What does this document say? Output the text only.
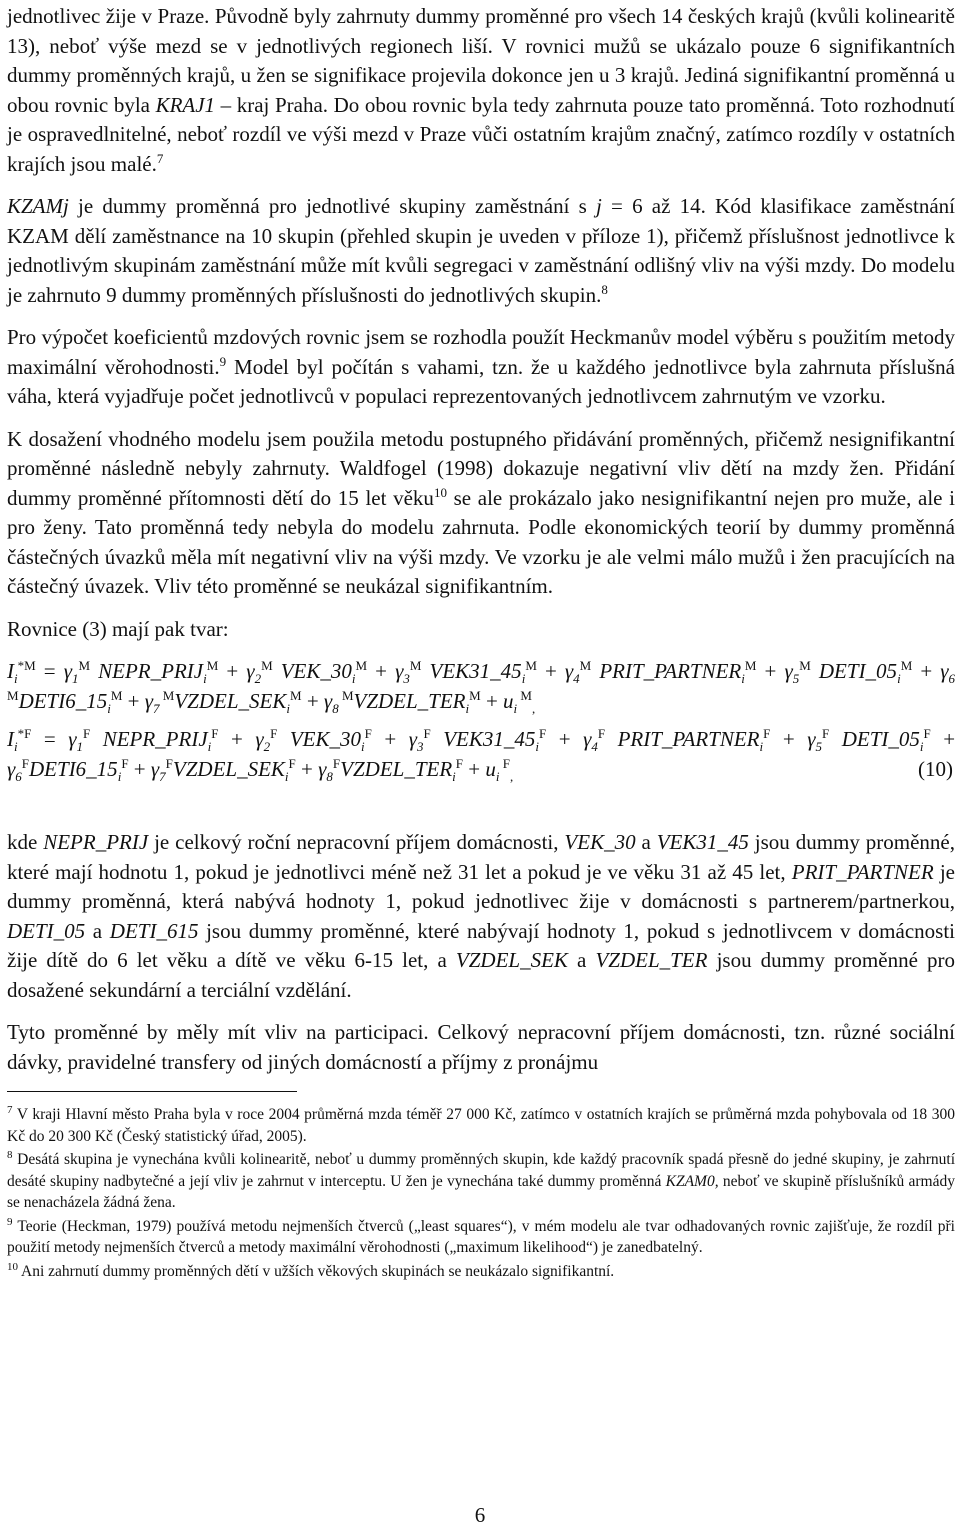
jednotlivec žije v Praze. Původně byly zahrnuty dummy proměnné pro všech 14 českých krajů (kvůli kolinearitě 13), neboť výše mezd se v jednotlivých regionech liší. V rovnici mužů se ukázalo pouze 6 signifikantních dummy proměnných krajů, u žen se signifikace projevila dokonce jen u 3 krajů. Jediná signifikantní proměnná u obou rovnic byla KRAJ1 – kraj Praha. Do obou rovnic byla tedy zahrnuta pouze tato proměnná. Toto rozhodnutí je ospravedlnitelné, neboť rozdíl ve výši mezd v Praze vůči ostatním krajům značný, zatímco rozdíly v ostatních krajích jsou malé.$^7$

KZAMj je dummy proměnná pro jednotlivé skupiny zaměstnání s j = 6 až 14. Kód klasifikace zaměstnání KZAM dělí zaměstnance na 10 skupin (přehled skupin je uveden v příloze 1), přičemž příslušnost jednotlivce k jednotlivým skupinám zaměstnání může mít kvůli segregaci v zaměstnání odlišný vliv na výši mzdy. Do modelu je zahrnuto 9 dummy proměnných příslušnosti do jednotlivých skupin.$^8$

Pro výpočet koeficientů mzdových rovnic jsem se rozhodla použít Heckmanův model výběru s použitím metody maximální věrohodnosti.$^9$ Model byl počítán s vahami, tzn. že u každého jednotlivce byla zahrnuta příslušná váha, která vyjadřuje počet jednotlivců v populaci reprezentovaných jednotlivcem zahrnutým ve vzorku.

K dosažení vhodného modelu jsem použila metodu postupného přidávání proměnných, přičemž nesignifikantní proměnné následně nebyly zahrnuty. Waldfogel (1998) dokazuje negativní vliv dětí na mzdy žen. Přidání dummy proměnné přítomnosti dětí do 15 let věku$^{10}$ se ale prokázalo jako nesignifikantní nejen pro muže, ale i pro ženy. Tato proměnná tedy nebyla do modelu zahrnuta. Podle ekonomických teorií by dummy proměnná částečných úvazků měla mít negativní vliv na výši mzdy. Ve vzorku je ale velmi málo mužů i žen pracujících na částečný úvazek. Vliv této proměnné se neukázal signifikantním.

Rovnice (3) mají pak tvar:

$I_i^{*M} = \gamma_1^M$ $NEPR\_PRIJ_i^M + \gamma_2^M$ $VEK\_30_i^M + \gamma_3^M$ $VEK31\_45_i^M + \gamma_4^M$ $PRIT\_PARTNER_i^M + \gamma_5^M$ $DETI\_05_i^M + \gamma_6$ $^MDETI6\_15_i^M + \gamma_7$ $^MVZDEL\_SEK_i^M + \gamma_8$ $^MVZDEL\_TER_i^M + u_i$ $^M_,$
$I_i^{*F} = \gamma_1^F$ $NEPR\_PRIJ_i^F + \gamma_2^F$ $VEK\_30_i^F + \gamma_3^F$ $VEK31\_45_i^F + \gamma_4^F$ $PRIT\_PARTNER_i^F + \gamma_5^F$ $DETI\_05_i^F$ + $\gamma_6^FDETI6\_15_i^F$ + $\gamma_7^FVZDEL\_SEK_i^F$ + $\gamma_8^FVZDEL\_TER_i^F + u_i$ $^F_,$	(10)

kde NEPR_PRIJ je celkový roční nepracovní příjem domácnosti, VEK_30 a VEK31_45 jsou dummy proměnné, které mají hodnotu 1, pokud je jednotlivci méně než 31 let a pokud je ve věku 31 až 45 let, PRIT_PARTNER je dummy proměnná, která nabývá hodnoty 1, pokud jednotlivec žije v domácnosti s partnerem/partnerkou, DETI_05 a DETI_615 jsou dummy proměnné, které nabývají hodnoty 1, pokud s jednotlivcem v domácnosti žije dítě do 6 let věku a dítě ve věku 6-15 let, a VZDEL_SEK a VZDEL_TER jsou dummy proměnné pro dosažené sekundární a terciální vzdělání.

Tyto proměnné by měly mít vliv na participaci. Celkový nepracovní příjem domácnosti, tzn. různé sociální dávky, pravidelné transfery od jiných domácností a příjmy z pronájmu

$^7$ V kraji Hlavní město Praha byla v roce 2004 průměrná mzda téměř 27 000 Kč, zatímco v ostatních krajích se průměrná mzda pohybovala od 18 300 Kč do 20 300 Kč (Český statistický úřad, 2005).

$^8$ Desátá skupina je vynechána kvůli kolinearitě, neboť u dummy proměnných skupin, kde každý pracovník spadá přesně do jedné skupiny, je zahrnutí desáté skupiny nadbytečné a její vliv je zahrnut v interceptu. U žen je vynechána také dummy proměnná KZAM0, neboť ve skupině příslušníků armády se nenacházela žádná žena.

$^9$ Teorie (Heckman, 1979) používá metodu nejmenších čtverců („least squares“), v mém modelu ale tvar odhadovaných rovnic zajišťuje, že rozdíl při použití metody nejmenších čtverců a metody maximální věrohodnosti („maximum likelihood“) je zanedbatelný.

$^{10}$ Ani zahrnutí dummy proměnných dětí v užších věkových skupinách se neukázalo signifikantní.

6
